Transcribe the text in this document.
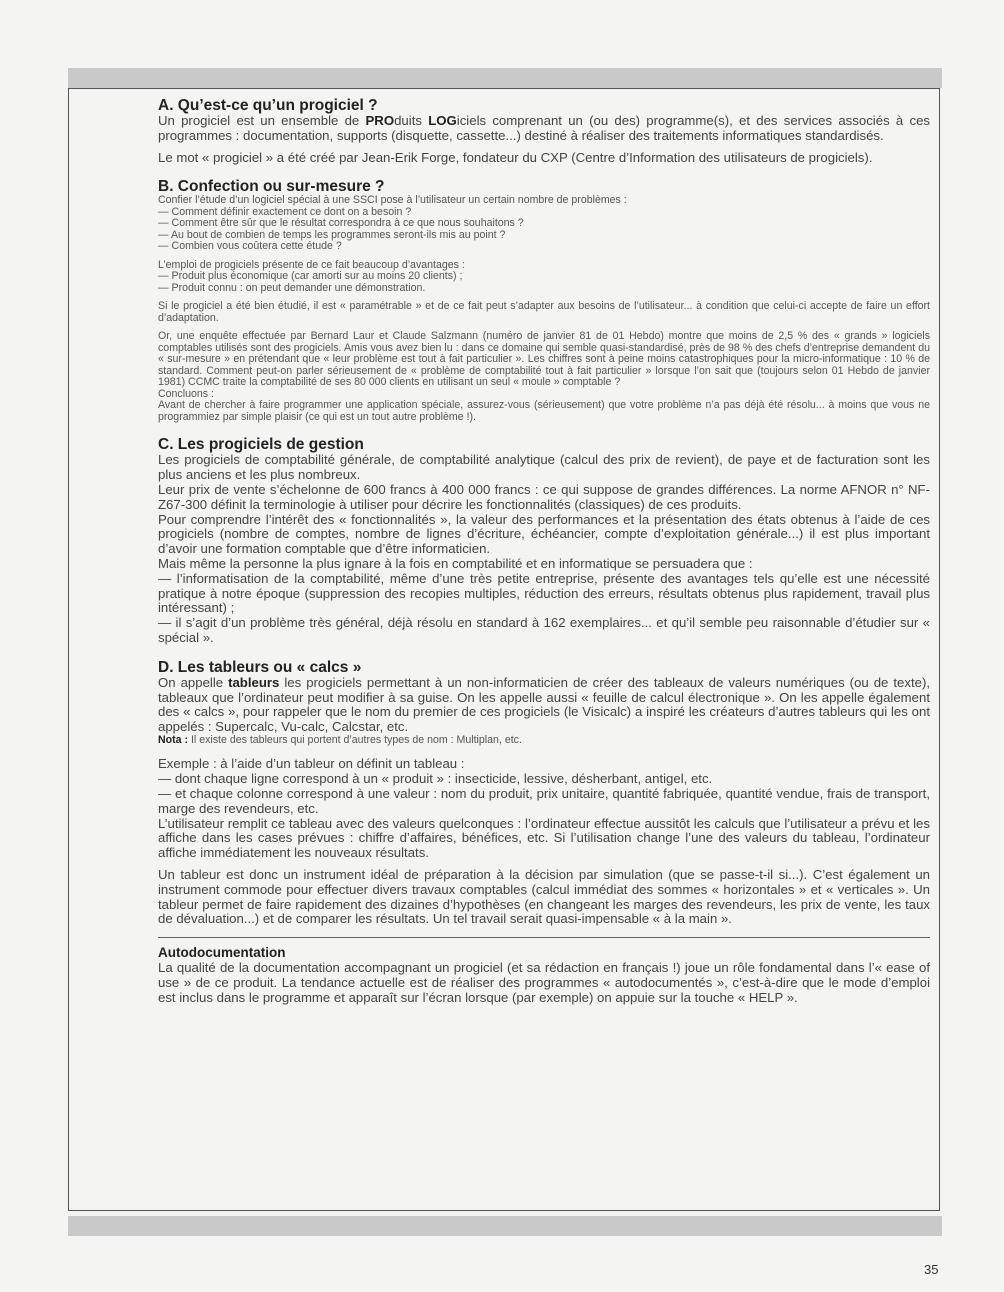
A. Qu’est-ce qu’un progiciel ?

Un progiciel est un ensemble de PROduits LOGiciels comprenant un (ou des) programme(s), et des services associés à ces programmes : documentation, supports (disquette, cassette...) destiné à réaliser des traitements informatiques standardisés.

Le mot « progiciel » a été créé par Jean-Erik Forge, fondateur du CXP (Centre d’Information des utilisateurs de progiciels).

B. Confection ou sur-mesure ?

Confier l’étude d’un logiciel spécial à une SSCI pose à l’utilisateur un certain nombre de problèmes :

— Comment définir exactement ce dont on a besoin ?
— Comment être sûr que le résultat correspondra à ce que nous souhaitons ?
— Au bout de combien de temps les programmes seront-ils mis au point ?
— Combien vous coûtera cette étude ?

L’emploi de progiciels présente de ce fait beaucoup d’avantages :

— Produit plus économique (car amorti sur au moins 20 clients) ;
— Produit connu : on peut demander une démonstration.

Si le progiciel a été bien étudié, il est « paramétrable » et de ce fait peut s’adapter aux besoins de l’utilisateur... à condition que celui-ci accepte de faire un effort d’adaptation.

Or, une enquête effectuée par Bernard Laur et Claude Salzmann (numéro de janvier 81 de 01 Hebdo) montre que moins de 2,5 % des « grands » logiciels comptables utilisés sont des progiciels. Amis vous avez bien lu : dans ce domaine qui semble quasi-standardisé, près de 98 % des chefs d’entreprise demandent du « sur-mesure » en prétendant que « leur problème est tout à fait particulier ». Les chiffres sont à peine moins catastrophiques pour la micro-informatique : 10 % de standard. Comment peut-on parler sérieusement de « problème de comptabilité tout à fait particulier » lorsque l’on sait que (toujours selon 01 Hebdo de janvier 1981) CCMC traite la comptabilité de ses 80 000 clients en utilisant un seul « moule » comptable ?

Concluons :

Avant de chercher à faire programmer une application spéciale, assurez-vous (sérieusement) que votre problème n’a pas déjà été résolu... à moins que vous ne programmiez par simple plaisir (ce qui est un tout autre problème !).

C. Les progiciels de gestion

Les progiciels de comptabilité générale, de comptabilité analytique (calcul des prix de revient), de paye et de facturation sont les plus anciens et les plus nombreux.

Leur prix de vente s’échelonne de 600 francs à 400 000 francs : ce qui suppose de grandes différences. La norme AFNOR n° NF-Z67-300 définit la terminologie à utiliser pour décrire les fonctionnalités (classiques) de ces produits.

Pour comprendre l’intérêt des « fonctionnalités », la valeur des performances et la présentation des états obtenus à l’aide de ces progiciels (nombre de comptes, nombre de lignes d’écriture, échéancier, compte d’exploitation générale...) il est plus important d’avoir une formation comptable que d’être informaticien.

Mais même la personne la plus ignare à la fois en comptabilité et en informatique se persuadera que :

— l’informatisation de la comptabilité, même d’une très petite entreprise, présente des avantages tels qu’elle est une nécessité pratique à notre époque (suppression des recopies multiples, réduction des erreurs, résultats obtenus plus rapidement, travail plus intéressant) ;

— il s’agit d’un problème très général, déjà résolu en standard à 162 exemplaires... et qu’il semble peu raisonnable d’étudier sur « spécial ».

D. Les tableurs ou « calcs »

On appelle tableurs les progiciels permettant à un non-informaticien de créer des tableaux de valeurs numériques (ou de texte), tableaux que l’ordinateur peut modifier à sa guise. On les appelle aussi « feuille de calcul électronique ». On les appelle également des « calcs », pour rappeler que le nom du premier de ces progiciels (le Visicalc) a inspiré les créateurs d’autres tableurs qui les ont appelés : Supercalc, Vu-calc, Calcstar, etc.

Nota : Il existe des tableurs qui portent d’autres types de nom : Multiplan, etc.

Exemple : à l’aide d’un tableur on définit un tableau :

— dont chaque ligne correspond à un « produit » : insecticide, lessive, désherbant, antigel, etc.

— et chaque colonne correspond à une valeur : nom du produit, prix unitaire, quantité fabriquée, quantité vendue, frais de transport, marge des revendeurs, etc.

L’utilisateur remplit ce tableau avec des valeurs quelconques : l’ordinateur effectue aussitôt les calculs que l’utilisateur a prévu et les affiche dans les cases prévues : chiffre d’affaires, bénéfices, etc. Si l’utilisation change l’une des valeurs du tableau, l’ordinateur affiche immédiatement les nouveaux résultats.

Un tableur est donc un instrument idéal de préparation à la décision par simulation (que se passe-t-il si...). C’est également un instrument commode pour effectuer divers travaux comptables (calcul immédiat des sommes « horizontales » et « verticales ». Un tableur permet de faire rapidement des dizaines d’hypothèses (en changeant les marges des revendeurs, les prix de vente, les taux de dévaluation...) et de comparer les résultats. Un tel travail serait quasi-impensable « à la main ».

Autodocumentation

La qualité de la documentation accompagnant un progiciel (et sa rédaction en français !) joue un rôle fondamental dans l’« ease of use » de ce produit. La tendance actuelle est de réaliser des programmes « autodocumentés », c’est-à-dire que le mode d’emploi est inclus dans le programme et apparaît sur l’écran lorsque (par exemple) on appuie sur la touche « HELP ».

35
